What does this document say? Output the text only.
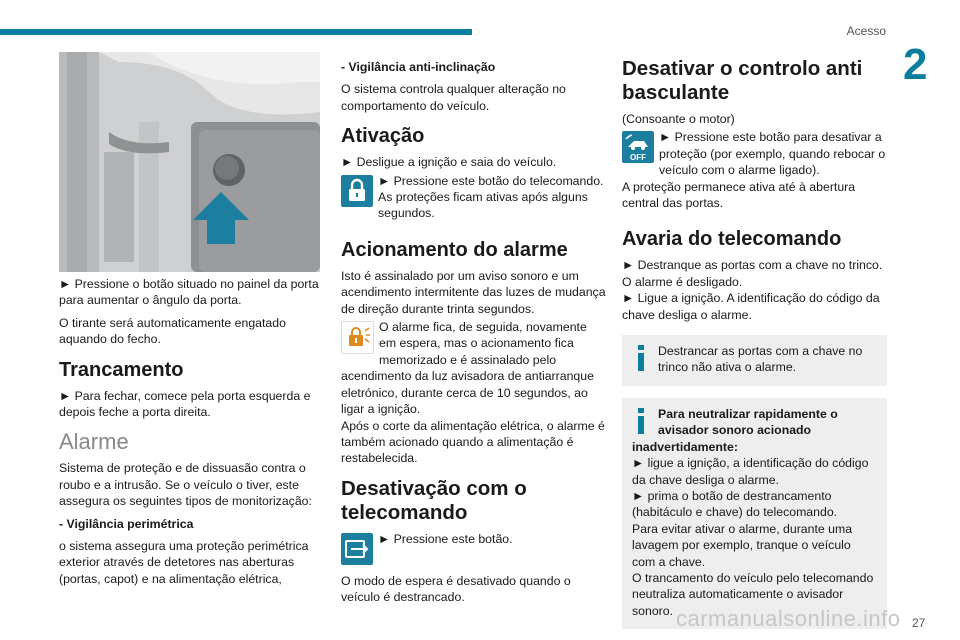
Acesso
2
27

► Pressione o botão situado no painel da porta para aumentar o ângulo da porta.

O tirante será automaticamente engatado aquando do fecho.

Trancamento

► Para fechar, comece pela porta esquerda e depois feche a porta direita.

Alarme

Sistema de proteção e de dissuasão contra o roubo e a intrusão. Se o veículo o tiver, este assegura os seguintes tipos de monitorização:

- Vigilância perimétrica

o sistema assegura uma proteção perimétrica exterior através de detetores nas aberturas (portas, capot) e na alimentação elétrica,

- Vigilância anti-inclinação

O sistema controla qualquer alteração no comportamento do veículo.

Ativação

► Desligue a ignição e saia do veículo.

► Pressione este botão do telecomando. As proteções ficam ativas após alguns segundos.

Acionamento do alarme

Isto é assinalado por um aviso sonoro e um acendimento intermitente das luzes de mudança de direção durante trinta segundos.

O alarme fica, de seguida, novamente em espera, mas o acionamento fica memorizado e é assinalado pelo acendimento da luz avisadora de antiarranque eletrónico, durante cerca de 10 segundos, ao ligar a ignição.

Após o corte da alimentação elétrica, o alarme é também acionado quando a alimentação é restabelecida.

Desativação com o telecomando

► Pressione este botão.

O modo de espera é desativado quando o veículo é destrancado.

Desativar o controlo anti basculante

(Consoante o motor)

OFF

► Pressione este botão para desativar a proteção (por exemplo, quando rebocar o veículo com o alarme ligado).

A proteção permanece ativa até à abertura central das portas.

Avaria do telecomando

► Destranque as portas com a chave no trinco. O alarme é desligado.

► Ligue a ignição. A identificação do código da chave desliga o alarme.

Destrancar as portas com a chave no trinco não ativa o alarme.
Para neutralizar rapidamente o avisador sonoro acionado inadvertidamente:
► ligue a ignição, a identificação do código da chave desliga o alarme.
► prima o botão de destrancamento (habitáculo e chave) do telecomando.
Para evitar ativar o alarme, durante uma lavagem por exemplo, tranque o veículo com a chave.
O trancamento do veículo pelo telecomando neutraliza automaticamente o avisador sonoro. carmanualsonline.info
